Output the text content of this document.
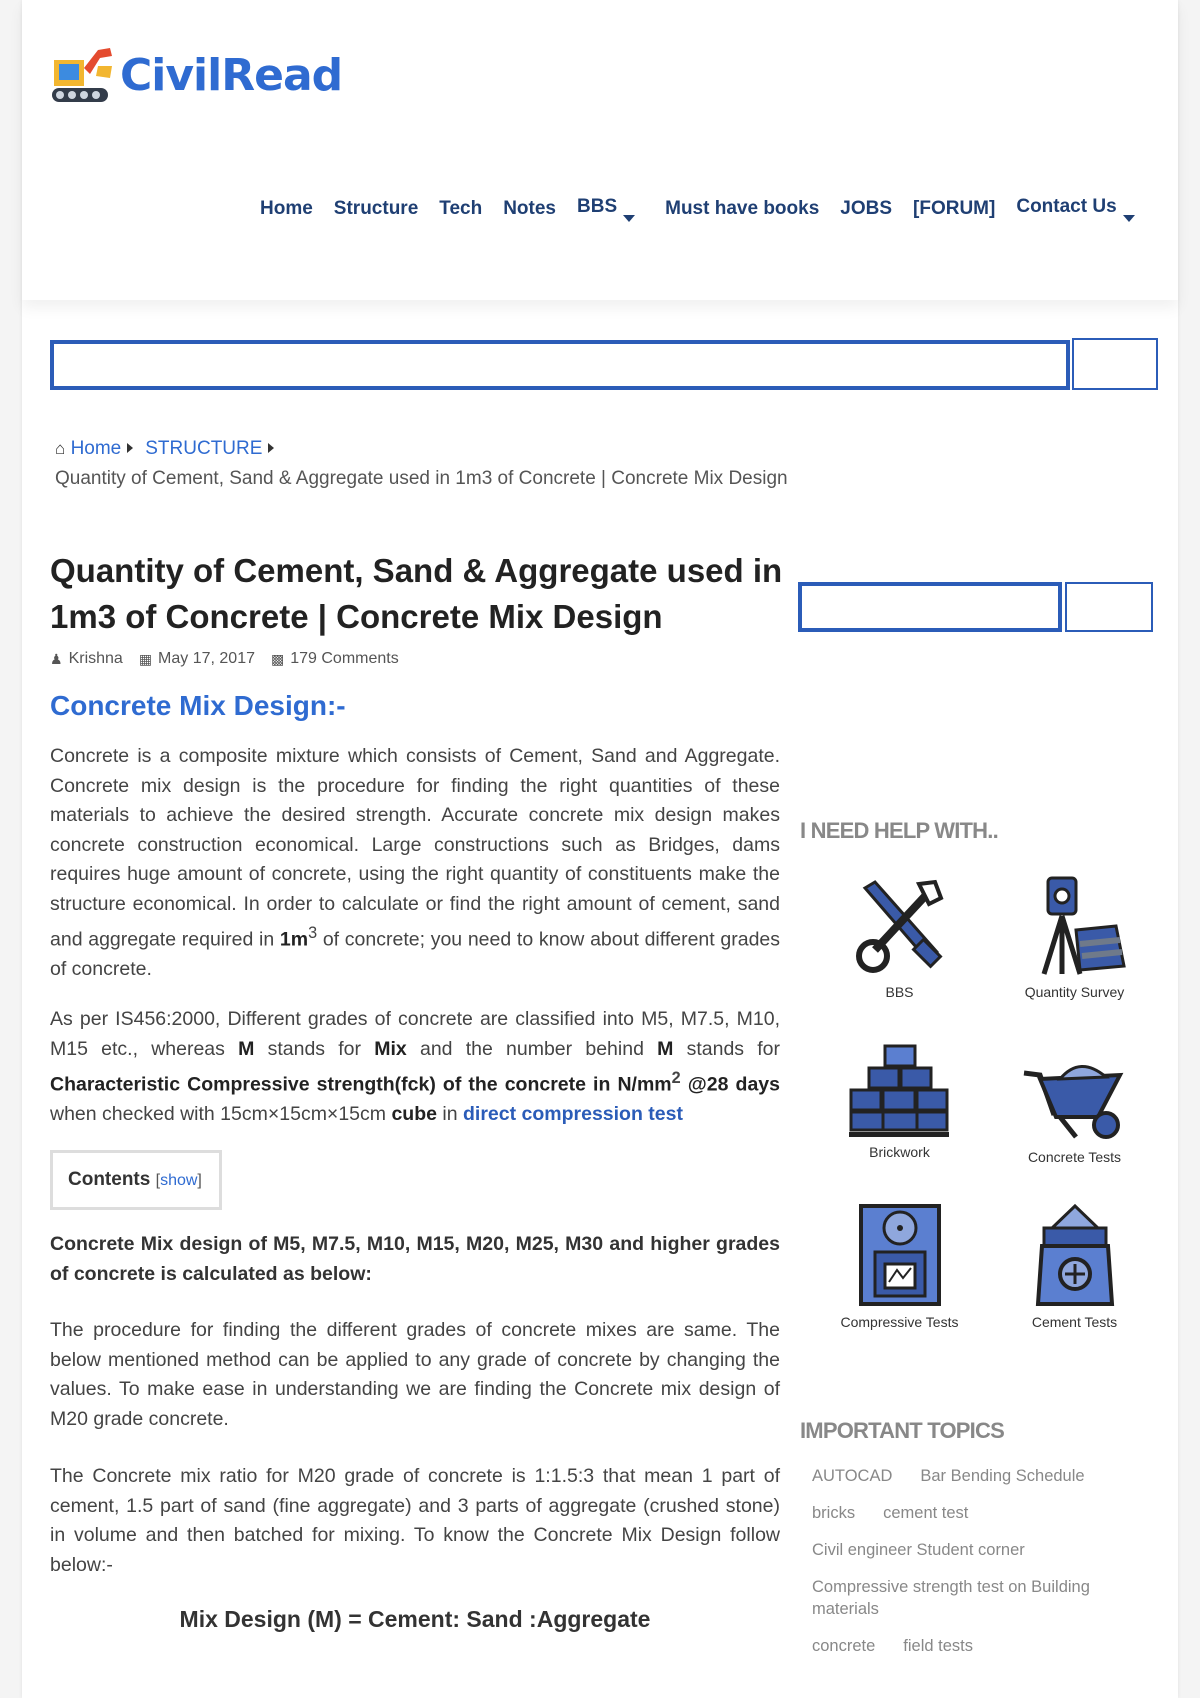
CivilRead
Home Structure Tech Notes BBS	Must have books JOBS [FORUM] Contact Us
⌂ Home STRUCTURE
Quantity of Cement, Sand & Aggregate used in 1m3 of Concrete | Concrete Mix Design
Quantity of Cement, Sand & Aggregate used in 1m3 of Concrete | Concrete Mix Design
♟ Krishna ▦ May 17, 2017 ▩ 179 Comments
Concrete Mix Design:-

Concrete is a composite mixture which consists of Cement, Sand and Aggregate. Concrete mix design is the procedure for finding the right quantities of these materials to achieve the desired strength. Accurate concrete mix design makes concrete construction economical. Large constructions such as Bridges, dams requires huge amount of concrete, using the right quantity of constituents make the structure economical. In order to calculate or find the right amount of cement, sand and aggregate required in $1m^3$ of concrete; you need to know about different grades of concrete.

As per IS456:2000, Different grades of concrete are classified into M5, M7.5, M10, M15 etc., whereas M stands for Mix and the number behind M stands for Characteristic Compressive strength(fck) of the concrete in $N/mm^2$ @28 days when checked with 15cm×15cm×15cm cube in direct compression test

Contents [show]

Concrete Mix design of M5, M7.5, M10, M15, M20, M25, M30 and higher grades of concrete is calculated as below:

The procedure for finding the different grades of concrete mixes are same. The below mentioned method can be applied to any grade of concrete by changing the values. To make ease in understanding we are finding the Concrete mix design of M20 grade concrete.

The Concrete mix ratio for M20 grade of concrete is 1:1.5:3 that mean 1 part of cement, 1.5 part of sand (fine aggregate) and 3 parts of aggregate (crushed stone) in volume and then batched for mixing. To know the Concrete Mix Design follow below:-

Mix Design (M) = Cement: Sand :Aggregate
I NEED HELP WITH..
BBS	Quantity Survey
Brickwork	Concrete Tests
Compressive Tests	Cement Tests
IMPORTANT TOPICS
AUTOCAD Bar Bending Schedule bricks cement test Civil engineer Student corner Compressive strength test on Building materials concrete field tests
